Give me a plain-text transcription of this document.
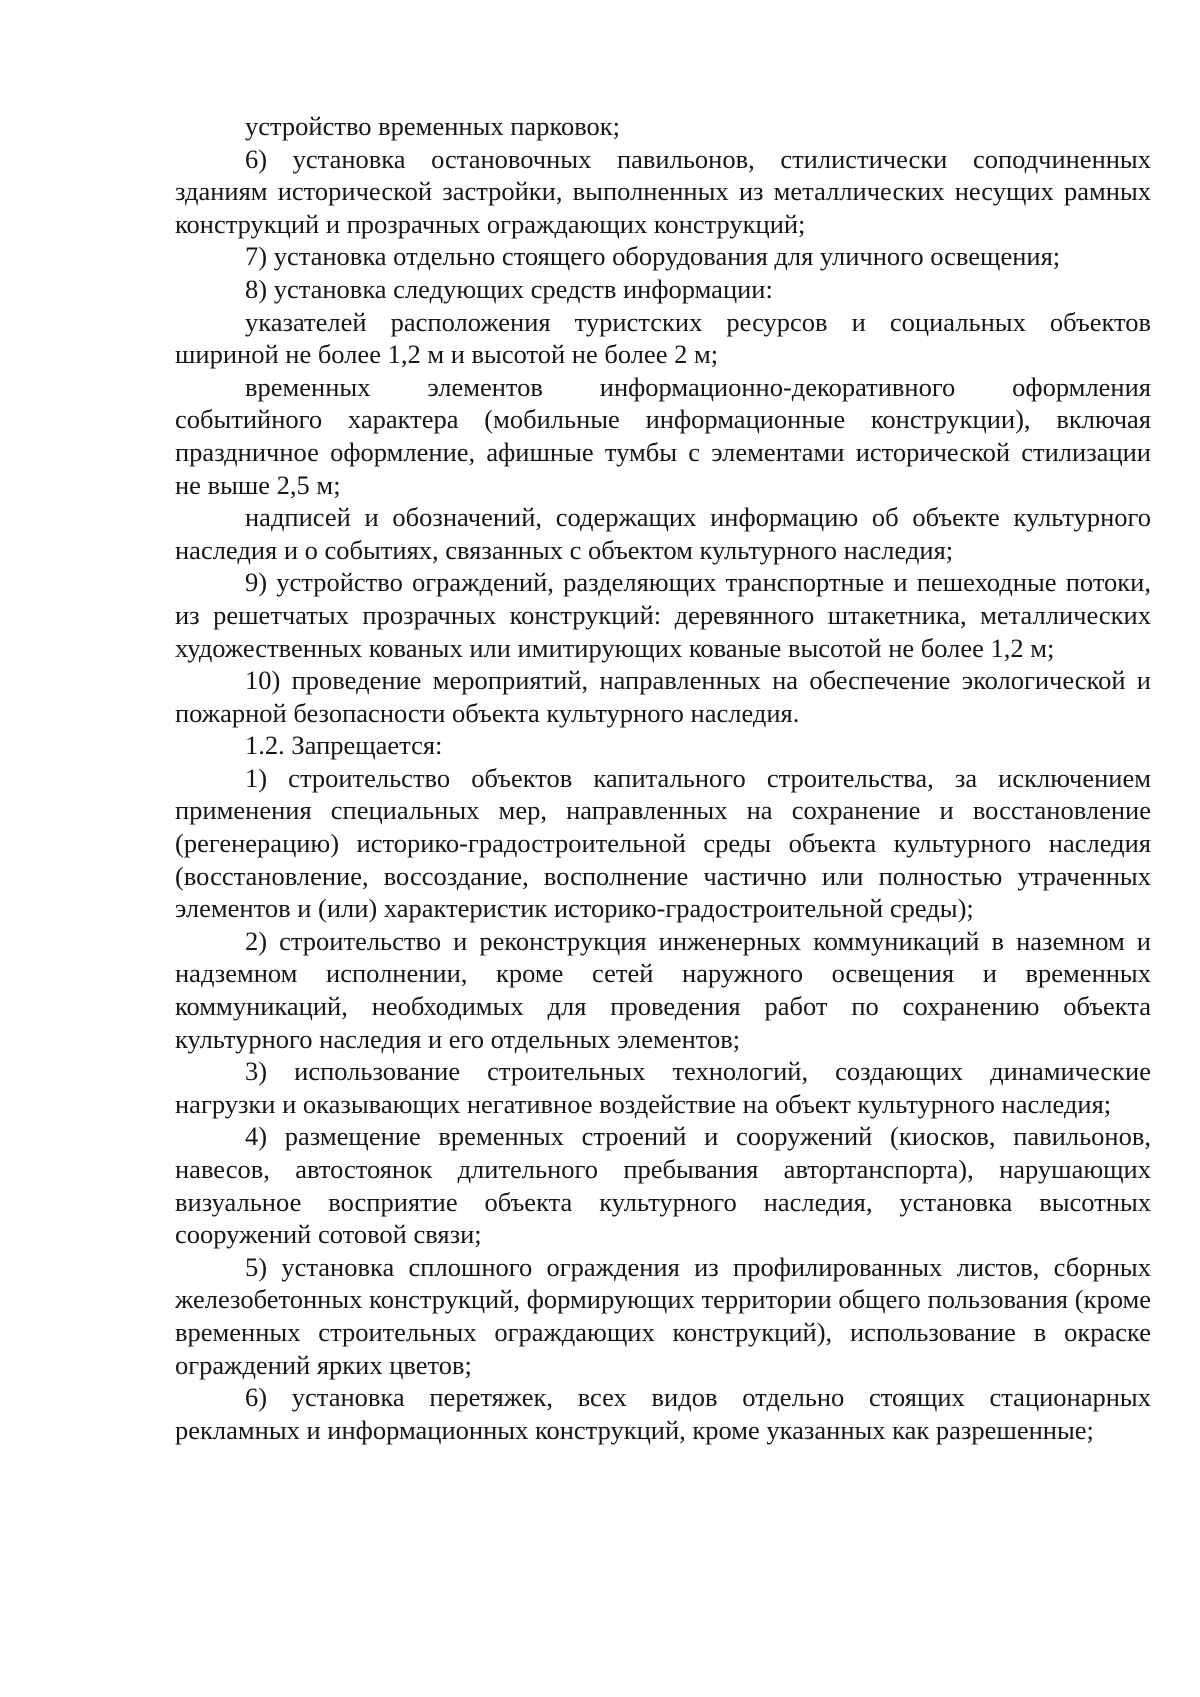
устройство временных парковок;

6) установка остановочных павильонов, стилистически соподчиненных зданиям исторической застройки, выполненных из металлических несущих рамных конструкций и прозрачных ограждающих конструкций;

7) установка отдельно стоящего оборудования для уличного освещения;

8) установка следующих средств информации:

указателей расположения туристских ресурсов и социальных объектов шириной не более 1,2 м и высотой не более 2 м;

временных элементов информационно-декоративного оформления событийного характера (мобильные информационные конструкции), включая праздничное оформление, афишные тумбы с элементами исторической стилизации не выше 2,5 м;

надписей и обозначений, содержащих информацию об объекте культурного наследия и о событиях, связанных с объектом культурного наследия;

9) устройство ограждений, разделяющих транспортные и пешеходные потоки, из решетчатых прозрачных конструкций: деревянного штакетника, металлических художественных кованых или имитирующих кованые высотой не более 1,2 м;

10) проведение мероприятий, направленных на обеспечение экологической и пожарной безопасности объекта культурного наследия.

1.2. Запрещается:

1) строительство объектов капитального строительства, за исключением применения специальных мер, направленных на сохранение и восстановление (регенерацию) историко-градостроительной среды объекта культурного наследия (восстановление, воссоздание, восполнение частично или полностью утраченных элементов и (или) характеристик историко-градостроительной среды);

2) строительство и реконструкция инженерных коммуникаций в наземном и надземном исполнении, кроме сетей наружного освещения и временных коммуникаций, необходимых для проведения работ по сохранению объекта культурного наследия и его отдельных элементов;

3) использование строительных технологий, создающих динамические нагрузки и оказывающих негативное воздействие на объект культурного наследия;

4) размещение временных строений и сооружений (киосков, павильонов, навесов, автостоянок длительного пребывания автортанспорта), нарушающих визуальное восприятие объекта культурного наследия, установка высотных сооружений сотовой связи;

5) установка сплошного ограждения из профилированных листов, сборных железобетонных конструкций, формирующих территории общего пользования (кроме временных строительных ограждающих конструкций), использование в окраске ограждений ярких цветов;

6) установка перетяжек, всех видов отдельно стоящих стационарных рекламных и информационных конструкций, кроме указанных как разрешенные;
